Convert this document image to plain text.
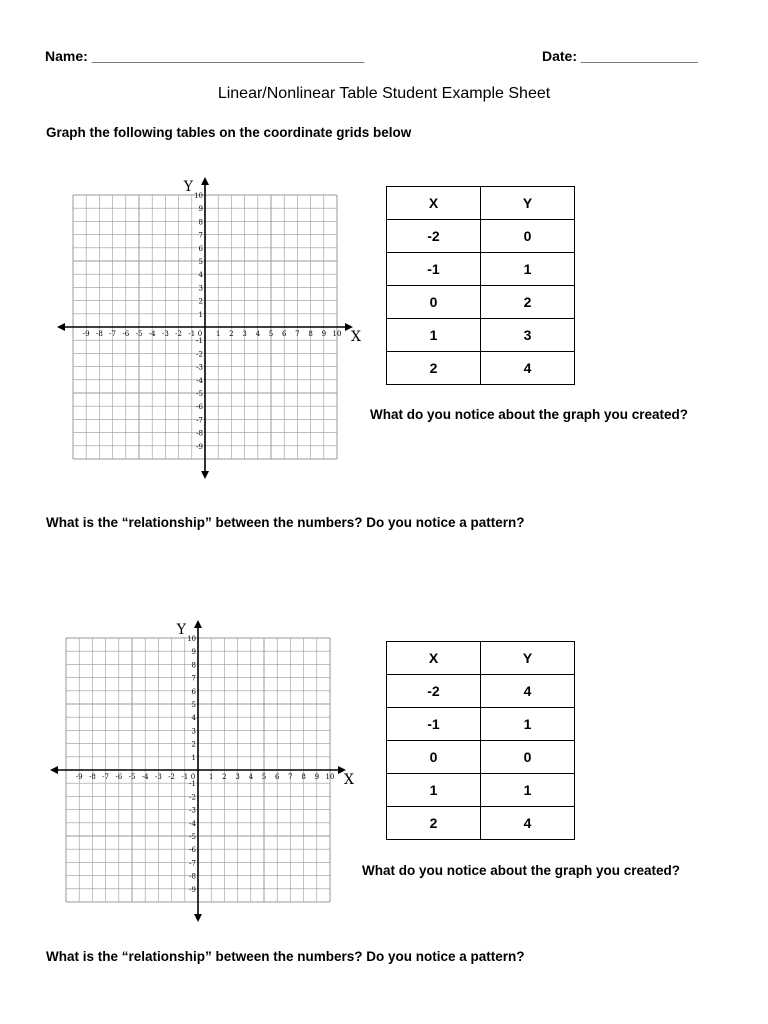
Name: ___________________________________	Date: _______________
Linear/Nonlinear Table Student Example Sheet
Graph the following tables on the coordinate grids below
X
Y
-9 -8 -7 -6 -5 -4 -3 -2 -1 0 1 2 3 4 5 6 7 8 9 10
-9
-8
-7
-6
-5
-4
-3
-2
-1
1
2
3
4
5
6
7
8
9
10	X	Y
-2	0
-1	1
0	2
1	3
2	4
What do you notice about the graph you created?
What is the “relationship” between the numbers? Do you notice a pattern?
X
Y
-9 -8 -7 -6 -5 -4 -3 -2 -1 0 1 2 3 4 5 6 7 8 9 10
-9
-8
-7
-6
-5
-4
-3
-2
-1
1
2
3
4
5
6
7
8
9
10
X	Y
-2	4
-1	1
0	0
1	1
2	4
What do you notice about the graph you created?
What is the “relationship” between the numbers? Do you notice a pattern?
